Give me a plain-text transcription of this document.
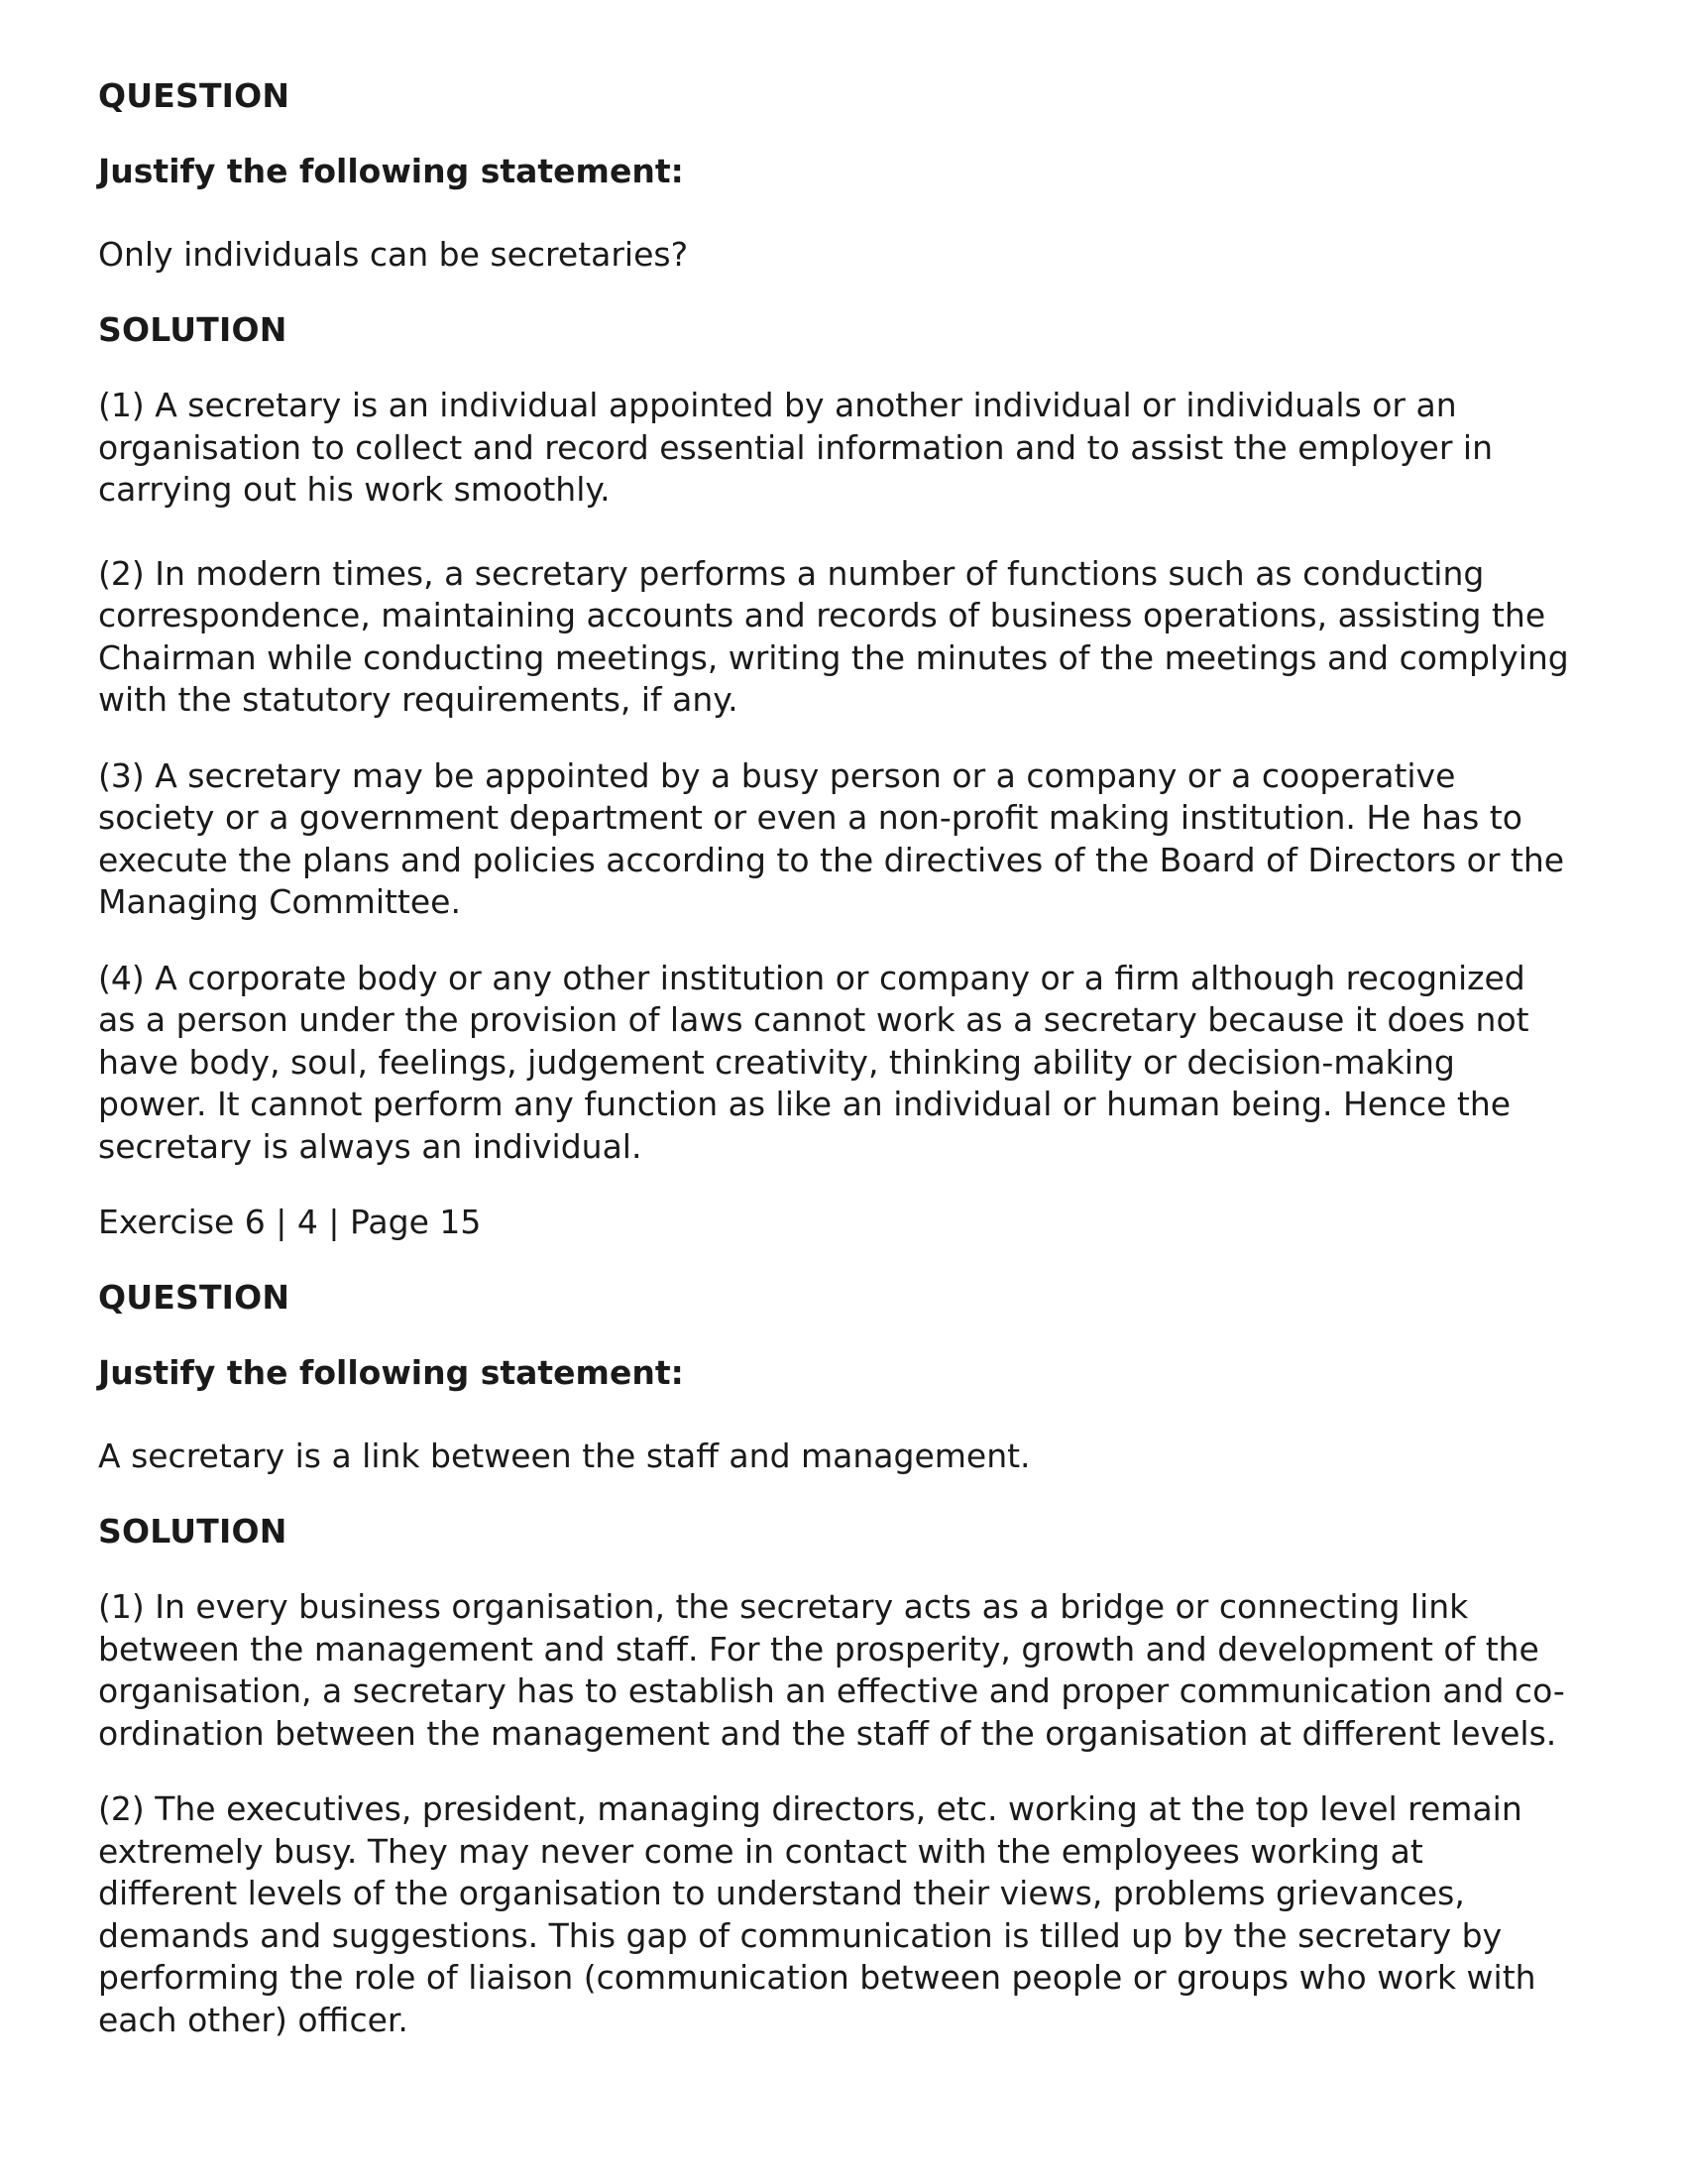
QUESTION
Justify the following statement:
Only individuals can be secretaries?
SOLUTION
(1) A secretary is an individual appointed by another individual or individuals or an
organisation to collect and record essential information and to assist the employer in
carrying out his work smoothly.
(2) In modern times, a secretary performs a number of functions such as conducting
correspondence, maintaining accounts and records of business operations, assisting the
Chairman while conducting meetings, writing the minutes of the meetings and complying
with the statutory requirements, if any.
(3) A secretary may be appointed by a busy person or a company or a cooperative
society or a government department or even a non-profit making institution. He has to
execute the plans and policies according to the directives of the Board of Directors or the
Managing Committee.
(4) A corporate body or any other institution or company or a firm although recognized
as a person under the provision of laws cannot work as a secretary because it does not
have body, soul, feelings, judgement creativity, thinking ability or decision-making
power. It cannot perform any function as like an individual or human being. Hence the
secretary is always an individual.
Exercise 6 | 4 | Page 15
QUESTION
Justify the following statement:
A secretary is a link between the staff and management.
SOLUTION
(1) In every business organisation, the secretary acts as a bridge or connecting link
between the management and staff. For the prosperity, growth and development of the
organisation, a secretary has to establish an effective and proper communication and co-
ordination between the management and the staff of the organisation at different levels.
(2) The executives, president, managing directors, etc. working at the top level remain
extremely busy. They may never come in contact with the employees working at
different levels of the organisation to understand their views, problems grievances,
demands and suggestions. This gap of communication is tilled up by the secretary by
performing the role of liaison (communication between people or groups who work with
each other) officer.
